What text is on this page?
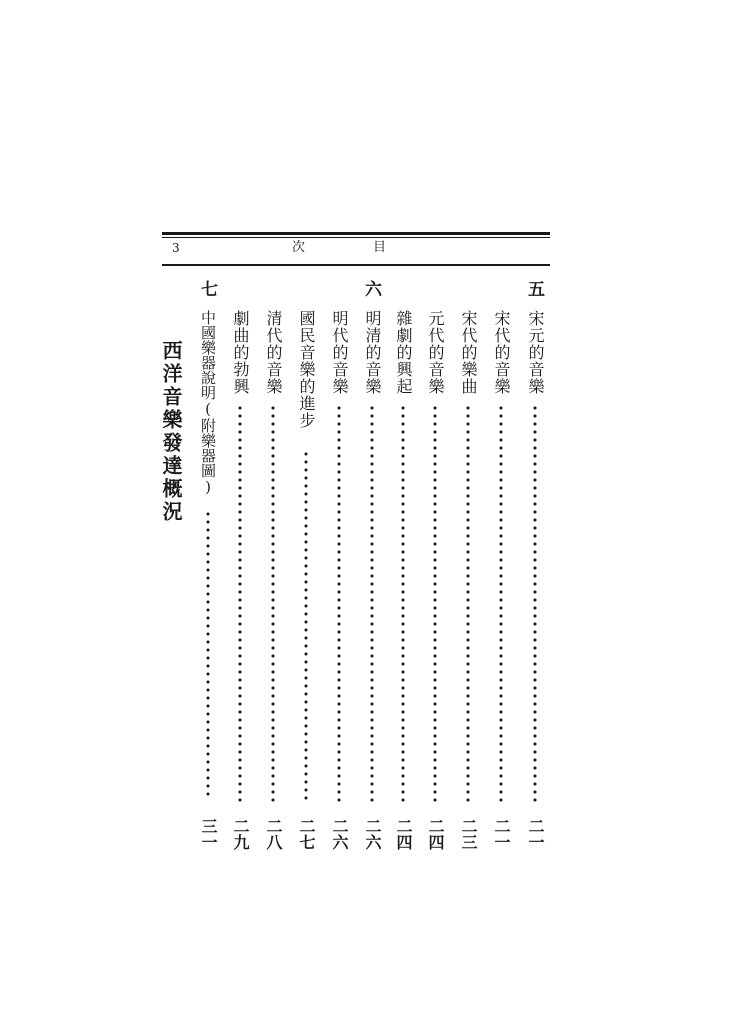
3	次	目
五
宋元的音樂
二一
宋代的音樂
二一
宋代的樂曲
二三
元代的音樂
二四
雜劇的興起
二四
六
明清的音樂
二六
明代的音樂
二六
國民音樂的進步
二七
清代的音樂
二八
劇曲的勃興
二九
七
中國樂器說明(附樂器圖)
三一
西洋音樂發達概況
